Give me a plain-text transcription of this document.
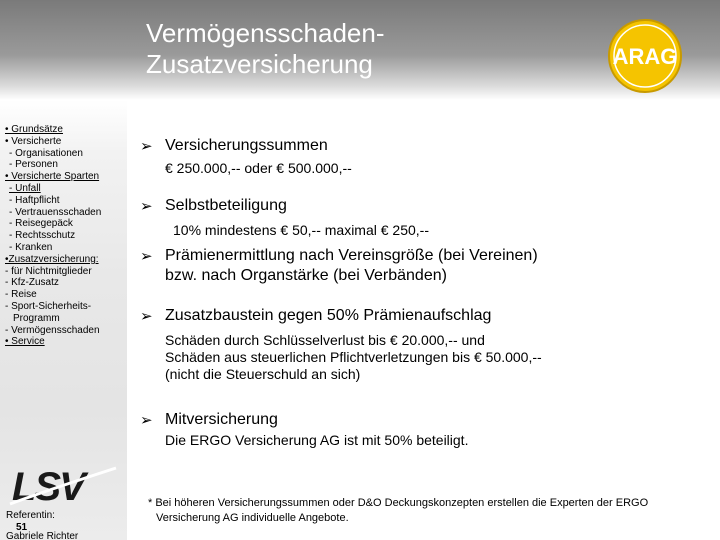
Vermögensschaden-
Zusatzversicherung	ARAG
• Grundsätze
• Versicherte
- Organisationen
- Personen
• Versicherte Sparten
- Unfall
- Haftpflicht
- Vertrauensschaden
- Reisegepäck
- Rechtsschutz
- Kranken
•Zusatzversicherung:
- für Nichtmitglieder
- Kfz-Zusatz
- Reise
- Sport-Sicherheits-
Programm
- Vermögensschaden
• Service
Referentin:
Gabriele Richter
LSV
51
➢ Versicherungssummen
€ 250.000,-- oder € 500.000,--
➢ Selbstbeteiligung
10% mindestens € 50,-- maximal € 250,--
➢ Prämienermittlung nach Vereinsgröße (bei Vereinen)
bzw. nach Organstärke (bei Verbänden)
➢ Zusatzbaustein gegen 50% Prämienaufschlag
Schäden durch Schlüsselverlust bis € 20.000,-- und
Schäden aus steuerlichen Pflichtverletzungen bis € 50.000,--
(nicht die Steuerschuld an sich)
➢ Mitversicherung
Die ERGO Versicherung AG ist mit 50% beteiligt.
* Bei höheren Versicherungssummen oder D&O Deckungskonzepten erstellen die Experten der ERGO
Versicherung AG individuelle Angebote.
